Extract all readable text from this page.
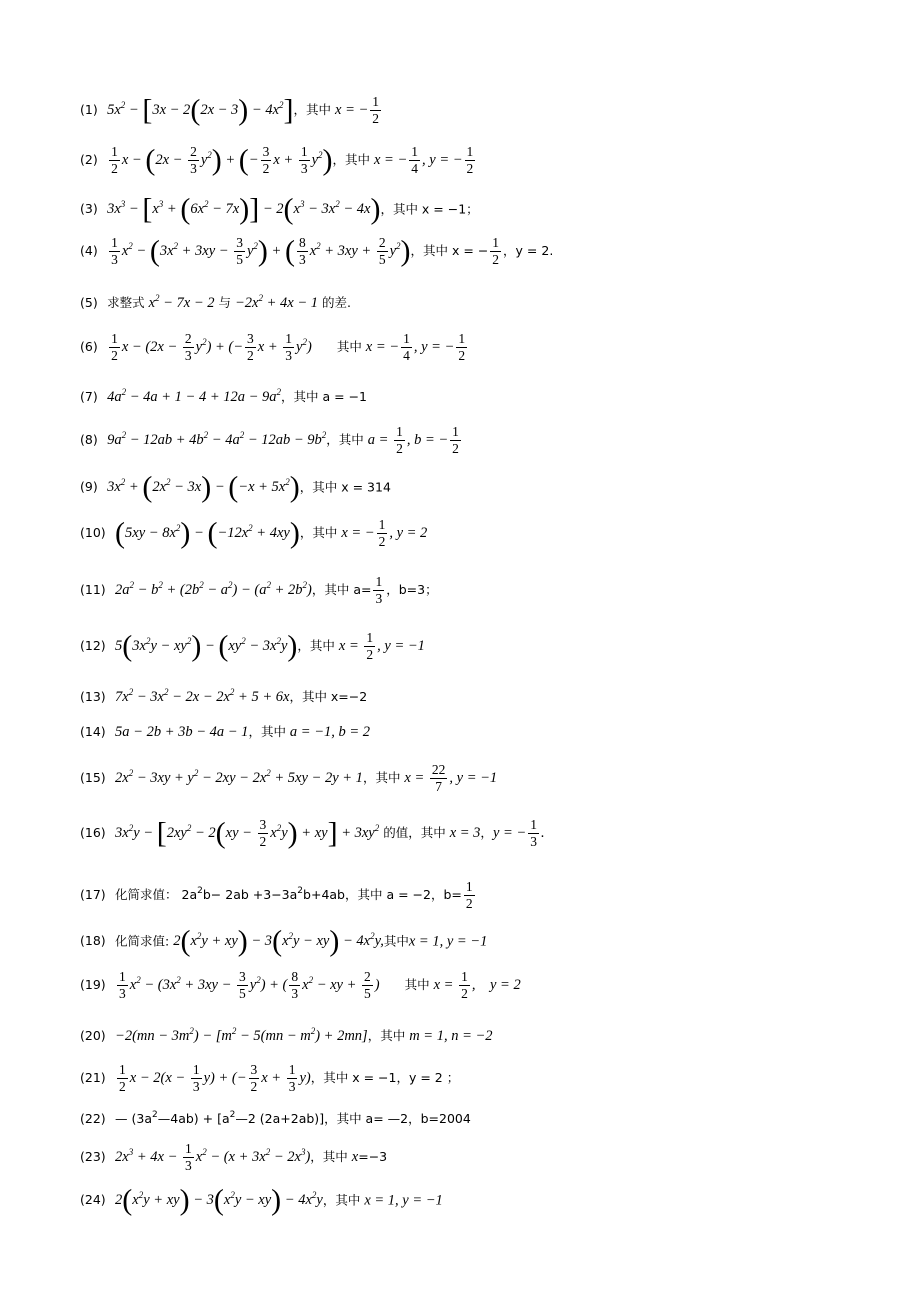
(1) $5x^2 - [3x - 2(2x - 3) - 4x^2]$，其中 x = − $\frac{1}{2}$
$(2) \frac{1}{2}$ $x - (2x - \frac{2}{3} y^2)$ + (− $\frac{3}{2}$ $x + \frac{1}{3} y^2$)，其中 x = − $\frac{1}{4}$ , y = − $\frac{1}{2}$
(3) $3x^3 - [x^3 + (6x^2 - 7x)] - 2(x^3 - 3x^2 - 4x)$，其中 x = −1；
$(4) \frac{1}{3} x^2 - (3x^2 + 3xy - \frac{3}{5} y^2)$ + ( $\frac{8}{3} x^2 + 3xy + \frac{2}{5} y^2$)，其中 x = − $\frac{1}{2}$ ，y = 2.
(5) 求整式 $x^2 - 7x - 2$ 与 $-2x^2 + 4x - 1$ 的差.
$(6) \frac{1}{2}$ $x - (2x - \frac{2}{3} y^2)$ + (− $\frac{3}{2}$ $x + \frac{1}{3} y^2$)　　其中 x = − $\frac{1}{4}$ , y = − $\frac{1}{2}$
(7) $4a^2 - 4a + 1 - 4 + 12a - 9a^2$，其中 a = −1
(8) $9a^2 - 12ab + 4b^2 - 4a^2 - 12ab - 9b^2$，其中 $a = \frac{1}{2}$ , b = − $\frac{1}{2}$
(9) $3x^2 + (2x^2 - 3x) - (-x + 5x^2)$，其中 x = 314
(10) $(5xy - 8x^2) - (-12x^2 + 4xy)$，其中 x = − $\frac{1}{2}$ , y = 2
(11) $2a^2 - b^2 + (2b^2 - a^2) - (a^2 + 2b^2)$，其中 $a= \frac{1}{3}$ ，b=3；
(12) $5(3x^2y - xy^2) - (xy^2 - 3x^2y)$，其中 $x = \frac{1}{2}$ , y = −1
(13) $7x^2 - 3x^2 - 2x - 2x^2 + 5 + 6x$，其中 x=−2
(14) 5a − 2b + 3b − 4a − 1，其中 a = −1, b = 2
(15) $2x^2 - 3xy + y^2 - 2xy - 2x^2 + 5xy - 2y + 1$，其中 $x = \frac{22}{7}$ , y = −1
(16) $3x^2y - [2xy^2 - 2(xy - \frac{3}{2} x^2y) + xy] + 3xy^2$ 的值，其中 x = 3，y = − $\frac{1}{3}$ .
(17) 化简求值： $2a^2b- 2ab +3-3a^2b+4ab$，其中 a = −2，$b= \frac{1}{2}$
(18) 化简求值: $2(x^2y + xy) - 3(x^2y - xy) - 4x^2y$,其中x = 1, y = −1
$(19) \frac{1}{3} x^2 - (3x^2 + 3xy - \frac{3}{5} y^2)$ + ( $\frac{8}{3} x^2$ − xy + $\frac{2}{5}$ )　　其中 $x = \frac{1}{2}$ ,　y = 2
$(20) -2(mn - 3m^2) - [m^2 - 5(mn - m^2) + 2mn]$，其中 m = 1, n = −2
$(21) \frac{1}{2}$ $x - 2(x - \frac{1}{3} y)$ + (− $\frac{3}{2}$ $x + \frac{1}{3} y$)，其中 x = −1，y = 2 ；
(22) — $(3a^2—4ab)$ + [$a^2—2$ (2a+2ab)]，其中 a= —2，b=2004
(23) $2x^3 + 4x - \frac{1}{3} x^2 - (x + 3x^2 - 2x^3)$，其中 x=−3
(24) $2(x^2y + xy) - 3(x^2y - xy) - 4x^2y$，其中 x = 1, y = −1
